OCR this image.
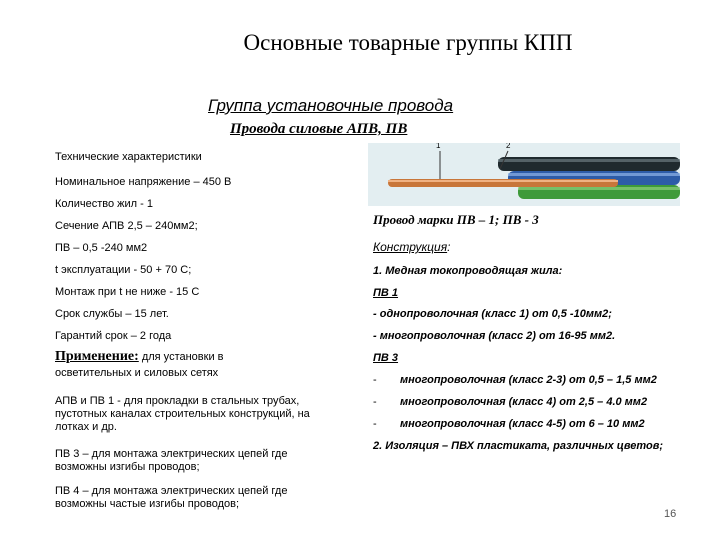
Основные товарные группы КПП
Группа установочные провода
Провода силовые АПВ, ПВ
Технические характеристики
Номинальное напряжение – 450 В
Количество жил - 1
Сечение АПВ 2,5 – 240мм2;
ПВ – 0,5 -240 мм2
t эксплуатации - 50 + 70 С;
Монтаж при t не ниже - 15 С
Срок службы – 15 лет.
Гарантий срок – 2 года
Применение: для установки в
осветительных и силовых сетях
АПВ и ПВ 1 - для прокладки в стальных трубах, пустотных каналах строительных конструкций, на лотках и др.
ПВ 3 – для монтажа электрических цепей где возможны изгибы проводов;
ПВ 4 – для монтажа электрических цепей где возможны частые изгибы проводов;
1	2
Провод марки ПВ – 1; ПВ - 3
Конструкция:
1. Медная токопроводящая жила:
ПВ 1
- однопроволочная (класс 1) от 0,5 -10мм2;
- многопроволочная (класс 2) от 16-95 мм2.
ПВ 3
- многопроволочная (класс 2-3) от 0,5 – 1,5 мм2
- многопроволочная (класс 4) от 2,5 – 4.0 мм2
- многопроволочная (класс 4-5) от 6 – 10 мм2
2. Изоляция – ПВХ пластиката, различных цветов;
16
